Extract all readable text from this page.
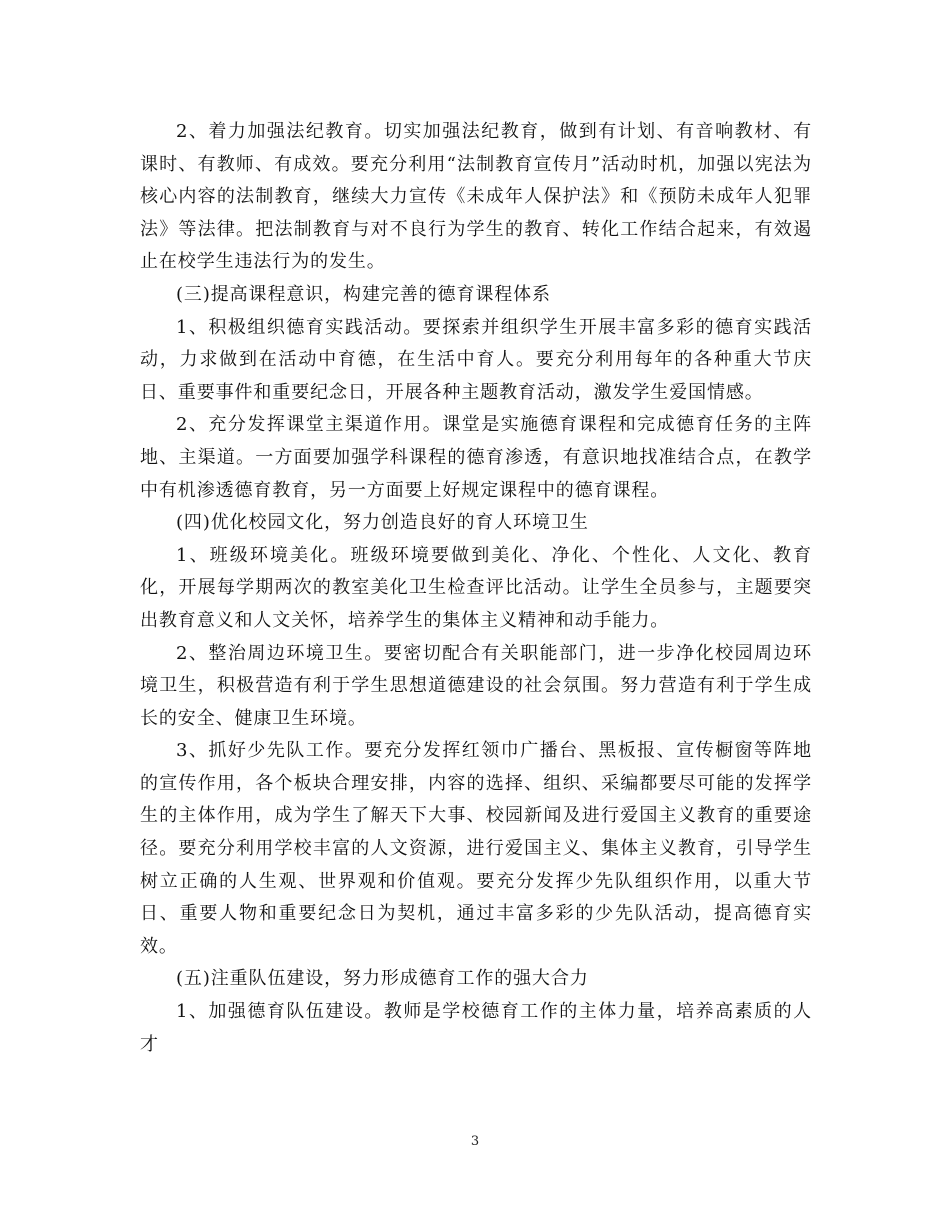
2、着力加强法纪教育。切实加强法纪教育，做到有计划、有音响教材、有课时、有教师、有成效。要充分利用“法制教育宣传月”活动时机，加强以宪法为核心内容的法制教育，继续大力宣传《未成年人保护法》和《预防未成年人犯罪法》等法律。把法制教育与对不良行为学生的教育、转化工作结合起来，有效遏止在校学生违法行为的发生。

(三)提高课程意识，构建完善的德育课程体系

1、积极组织德育实践活动。要探索并组织学生开展丰富多彩的德育实践活动，力求做到在活动中育德，在生活中育人。要充分利用每年的各种重大节庆日、重要事件和重要纪念日，开展各种主题教育活动，激发学生爱国情感。

2、充分发挥课堂主渠道作用。课堂是实施德育课程和完成德育任务的主阵地、主渠道。一方面要加强学科课程的德育渗透，有意识地找准结合点，在教学中有机渗透德育教育，另一方面要上好规定课程中的德育课程。

(四)优化校园文化，努力创造良好的育人环境卫生

1、班级环境美化。班级环境要做到美化、净化、个性化、人文化、教育化，开展每学期两次的教室美化卫生检查评比活动。让学生全员参与，主题要突出教育意义和人文关怀，培养学生的集体主义精神和动手能力。

2、整治周边环境卫生。要密切配合有关职能部门，进一步净化校园周边环境卫生，积极营造有利于学生思想道德建设的社会氛围。努力营造有利于学生成长的安全、健康卫生环境。

3、抓好少先队工作。要充分发挥红领巾广播台、黑板报、宣传橱窗等阵地的宣传作用，各个板块合理安排，内容的选择、组织、采编都要尽可能的发挥学生的主体作用，成为学生了解天下大事、校园新闻及进行爱国主义教育的重要途径。要充分利用学校丰富的人文资源，进行爱国主义、集体主义教育，引导学生树立正确的人生观、世界观和价值观。要充分发挥少先队组织作用，以重大节日、重要人物和重要纪念日为契机，通过丰富多彩的少先队活动，提高德育实效。

(五)注重队伍建设，努力形成德育工作的强大合力

1、加强德育队伍建设。教师是学校德育工作的主体力量，培养高素质的人才

3
